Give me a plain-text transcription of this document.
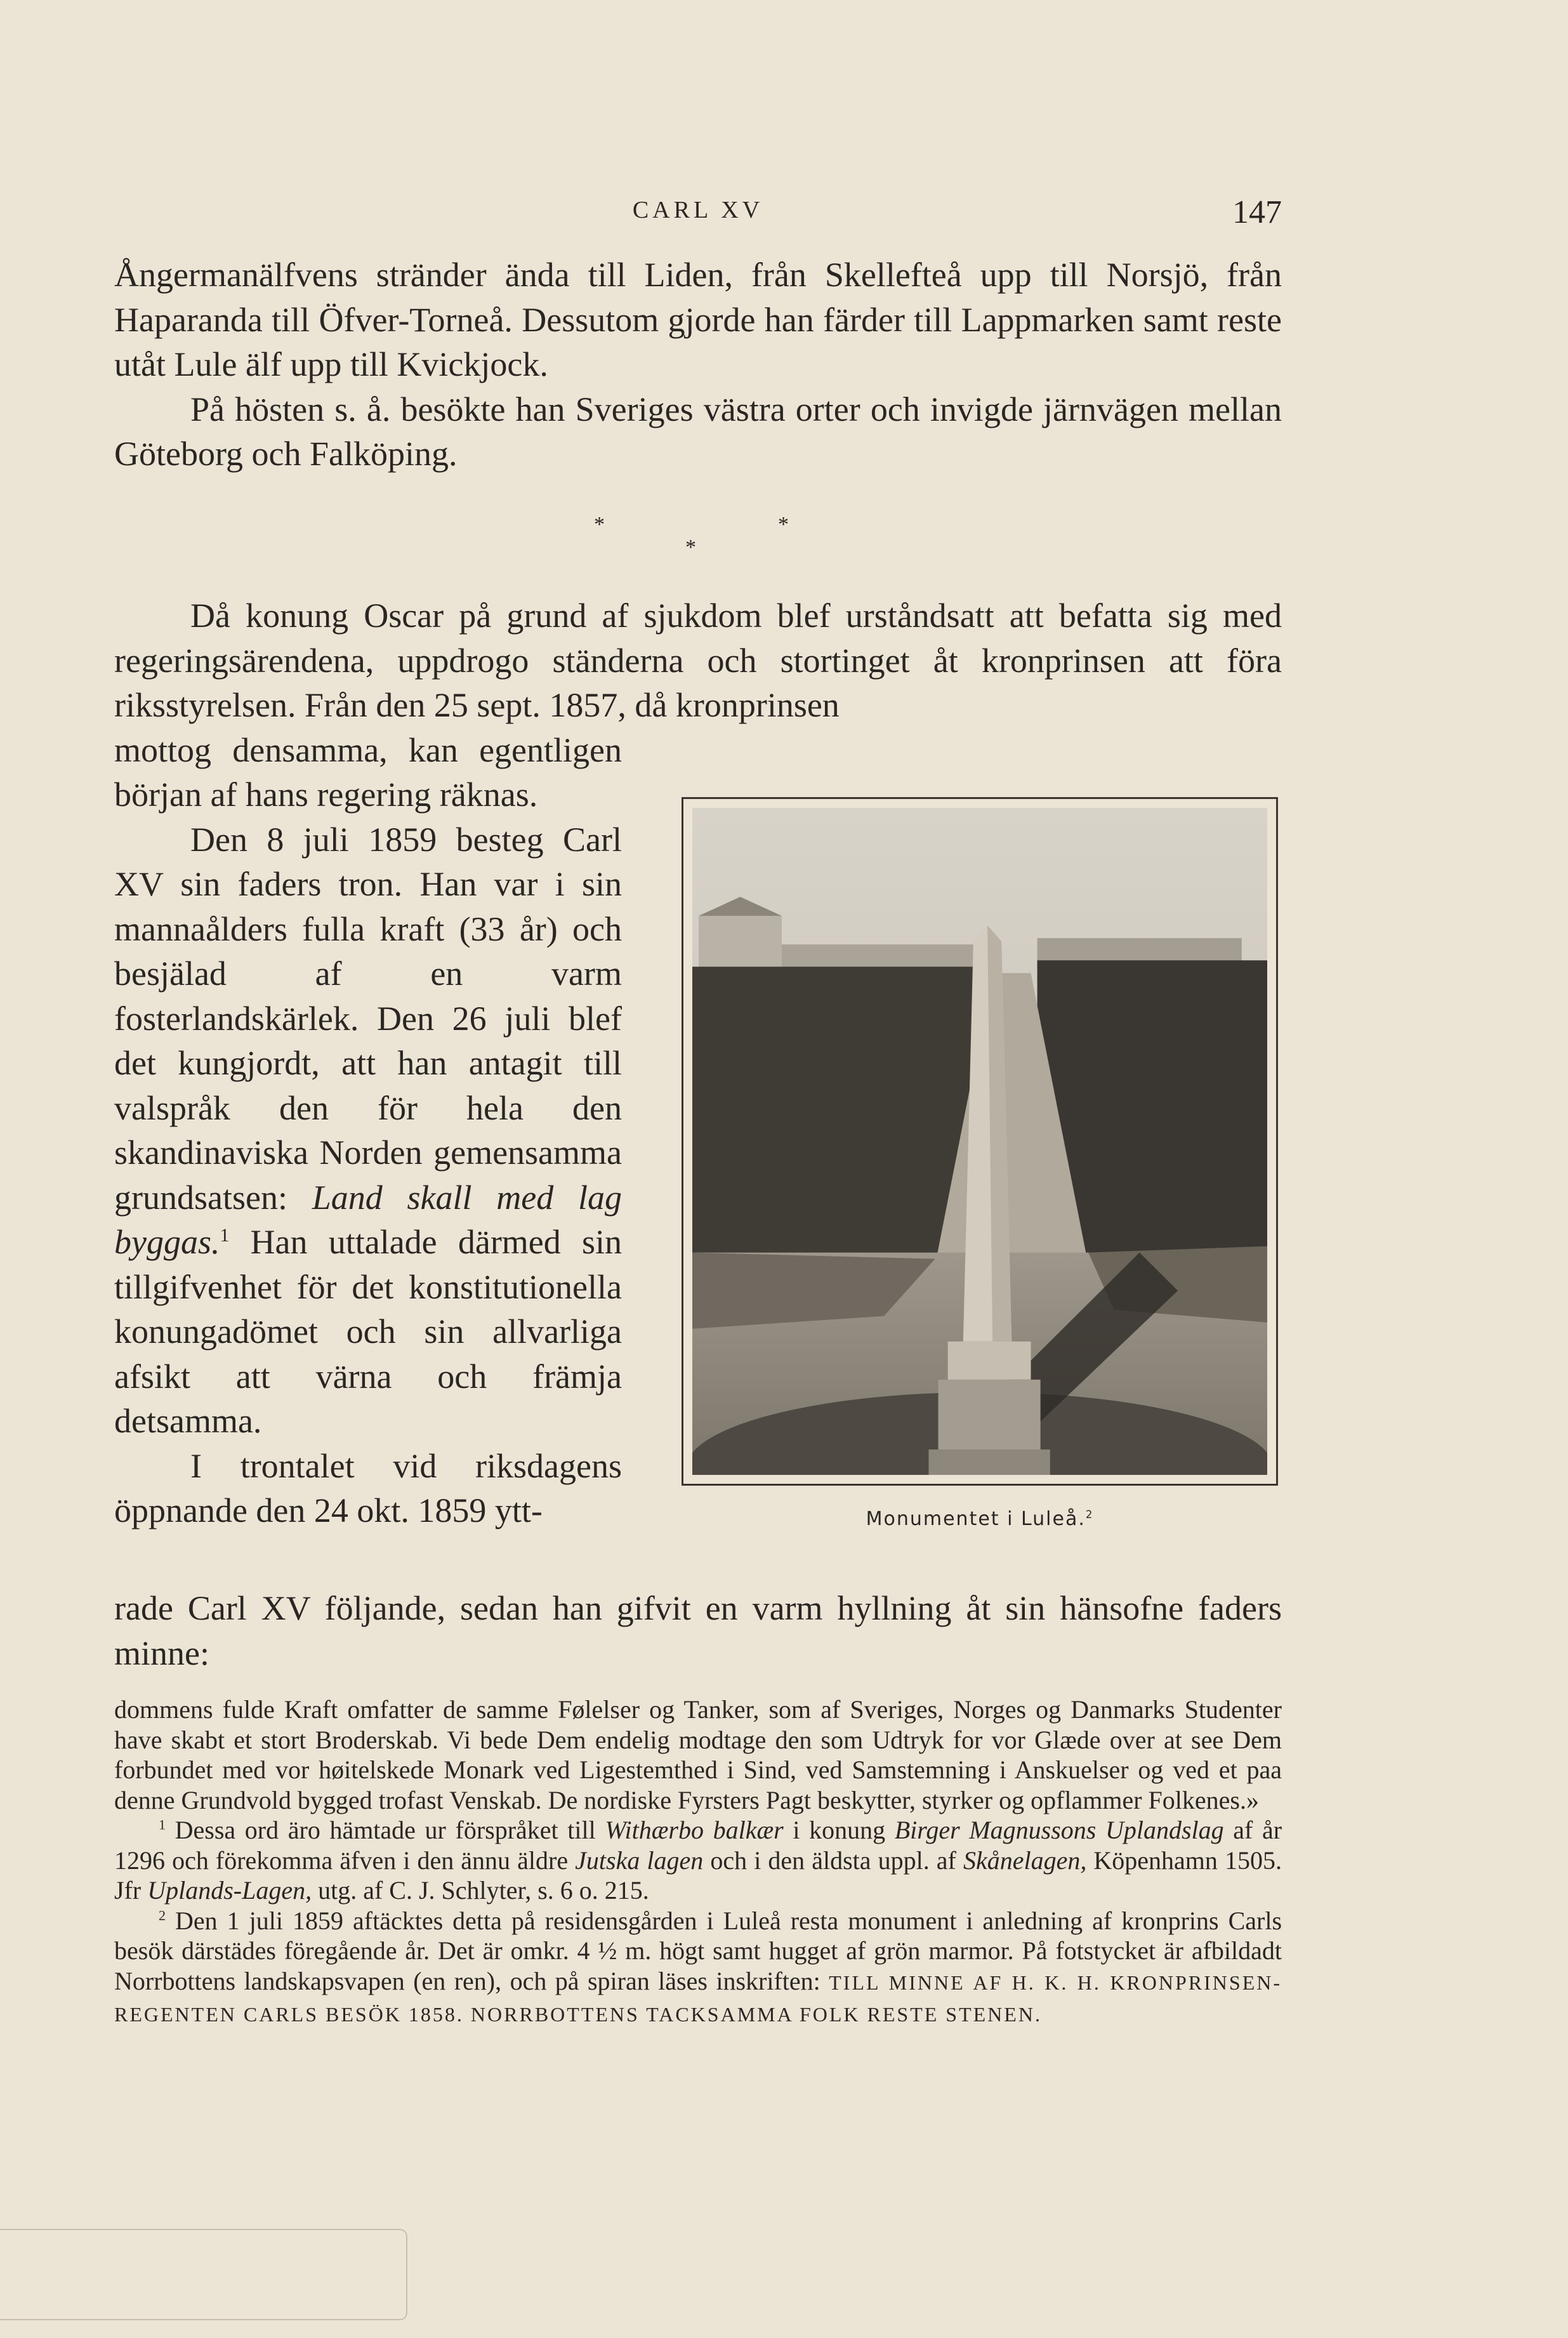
CARL XV	147

Ångermanälfvens stränder ända till Liden, från Skellefteå upp till Norsjö, från Haparanda till Öfver-Torneå. Dessutom gjorde han färder till Lappmarken samt reste utåt Lule älf upp till Kvickjock.

På hösten s. å. besökte han Sveriges västra orter och invigde järnvägen mellan Göteborg och Falköping.

*	*
*

Då konung Oscar på grund af sjukdom blef urståndsatt att befatta sig med regeringsärendena, uppdrogo ständerna och stortinget åt kronprinsen att föra riksstyrelsen. Från den 25 sept. 1857, då kronprinsen

mottog densamma, kan egentligen början af hans regering räknas.

Den 8 juli 1859 besteg Carl XV sin faders tron. Han var i sin mannaålders fulla kraft (33 år) och besjälad af en varm fosterlandskärlek. Den 26 juli blef det kungjordt, att han antagit till valspråk den för hela den skandinaviska Norden gemensamma grundsatsen: Land skall med lag byggas.$^1$ Han uttalade därmed sin tillgifvenhet för det konstitutionella konungadömet och sin allvarliga afsikt att värna och främja detsamma.

I trontalet vid riksdagens öppnande den 24 okt. 1859 ytt-	Monumentet i Luleå.$^2$

rade Carl XV följande, sedan han gifvit en varm hyllning åt sin hänsofne faders minne:

dommens fulde Kraft omfatter de samme Følelser og Tanker, som af Sveriges, Norges og Danmarks Studenter have skabt et stort Broderskab. Vi bede Dem endelig modtage den som Udtryk for vor Glæde over at see Dem forbundet med vor høitelskede Monark ved Ligestemthed i Sind, ved Samstemning i Anskuelser og ved et paa denne Grundvold bygged trofast Venskab. De nordiske Fyrsters Pagt beskytter, styrker og opflammer Folkenes.»

$^1$ Dessa ord äro hämtade ur förspråket till Withærbo balkær i konung Birger Magnussons Uplandslag af år 1296 och förekomma äfven i den ännu äldre Jutska lagen och i den äldsta uppl. af Skånelagen, Köpenhamn 1505. Jfr Uplands-Lagen, utg. af C. J. Schlyter, s. 6 o. 215.

$^2$ Den 1 juli 1859 aftäcktes detta på residensgården i Luleå resta monument i anledning af kronprins Carls besök därstädes föregående år. Det är omkr. 4 ½ m. högt samt hugget af grön marmor. På fotstycket är afbildadt Norrbottens landskapsvapen (en ren), och på spiran läses inskriften: TILL MINNE AF H. K. H. KRONPRINSEN-REGENTEN CARLS BESÖK 1858. NORRBOTTENS TACKSAMMA FOLK RESTE STENEN.
